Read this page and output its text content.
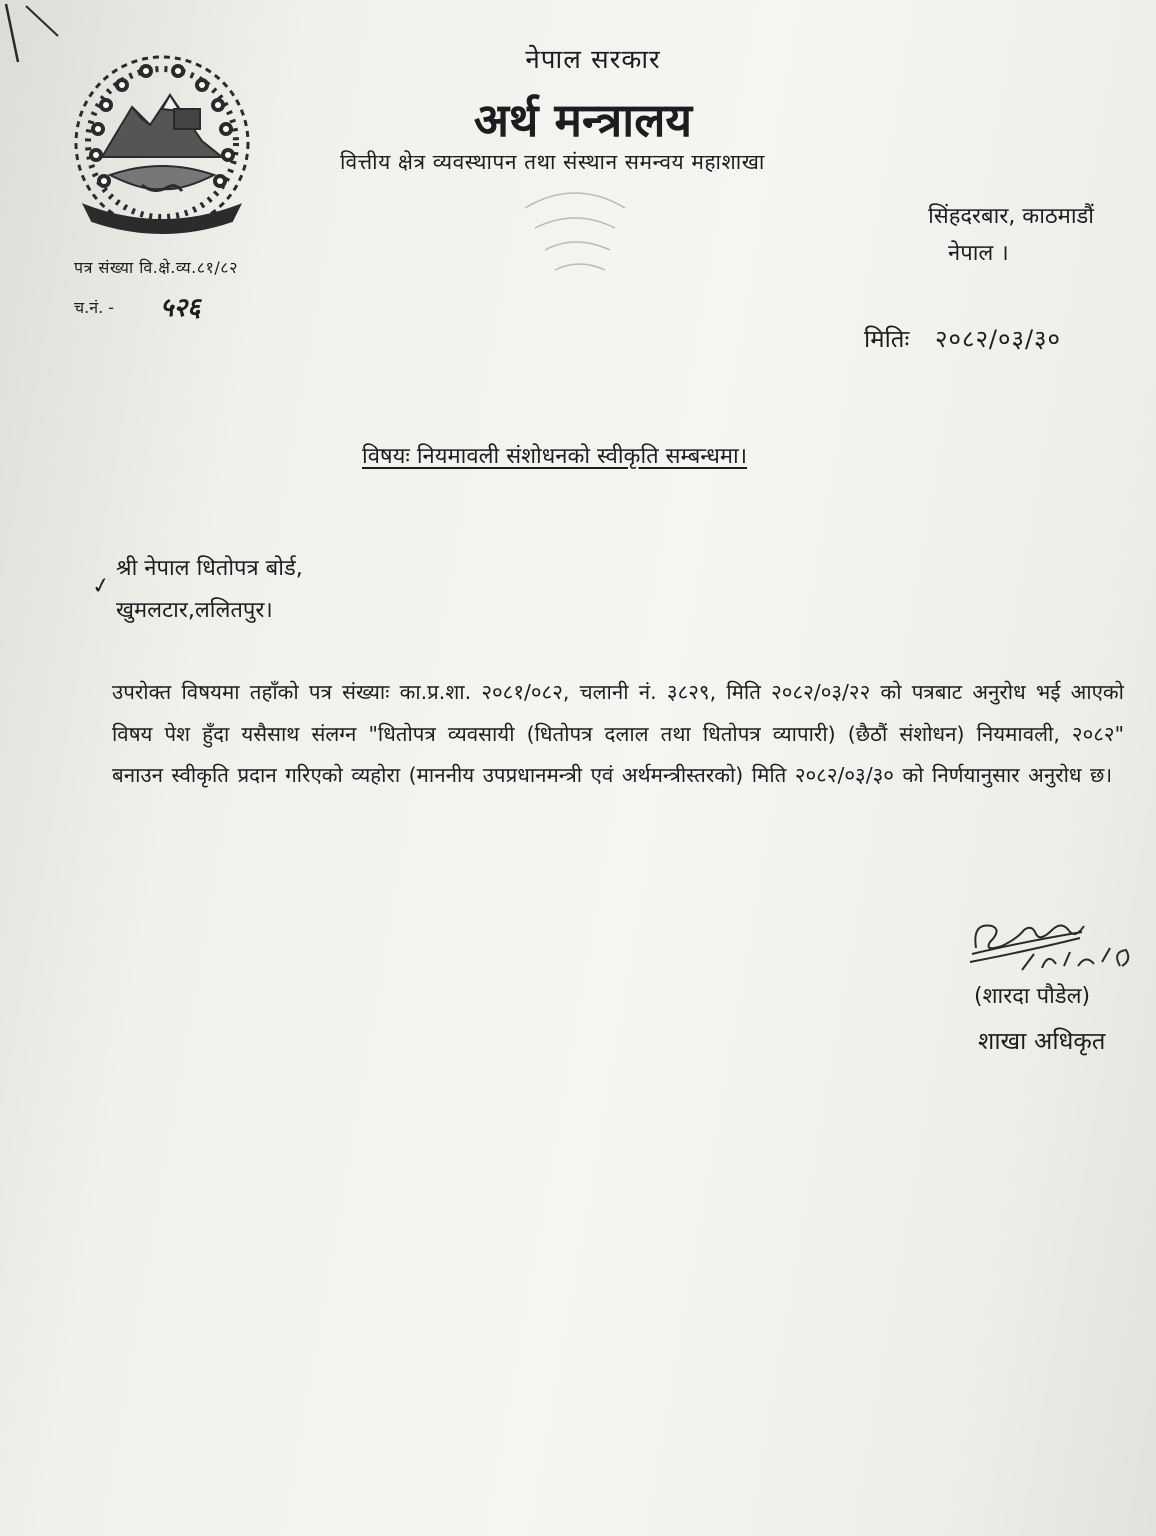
नेपाल सरकार
अर्थ मन्त्रालय
वित्तीय क्षेत्र व्यवस्थापन तथा संस्थान समन्वय महाशाखा
सिंहदरबार, काठमाडौं
नेपाल ।
पत्र संख्या वि.क्षे.व्य.८१/८२
च.नं. - ५२६
मितिः २०८२/०३/३०
विषयः नियमावली संशोधनको स्वीकृति सम्बन्धमा।
✓
श्री नेपाल धितोपत्र बोर्ड,
खुमलटार,ललितपुर।
उपरोक्त विषयमा तहाँको पत्र संख्याः का.प्र.शा. २०८१/०८२, चलानी नं. ३८२९, मिति २०८२/०३/२२ को पत्रबाट अनुरोध भई आएको विषय पेश हुँदा यसैसाथ संलग्न "धितोपत्र व्यवसायी (धितोपत्र दलाल तथा धितोपत्र व्यापारी) (छैठौं संशोधन) नियमावली, २०८२" बनाउन स्वीकृति प्रदान गरिएको व्यहोरा (माननीय उपप्रधानमन्त्री एवं अर्थमन्त्रीस्तरको) मिति २०८२/०३/३० को निर्णयानुसार अनुरोध छ।
(शारदा पौडेल)
शाखा अधिकृत
